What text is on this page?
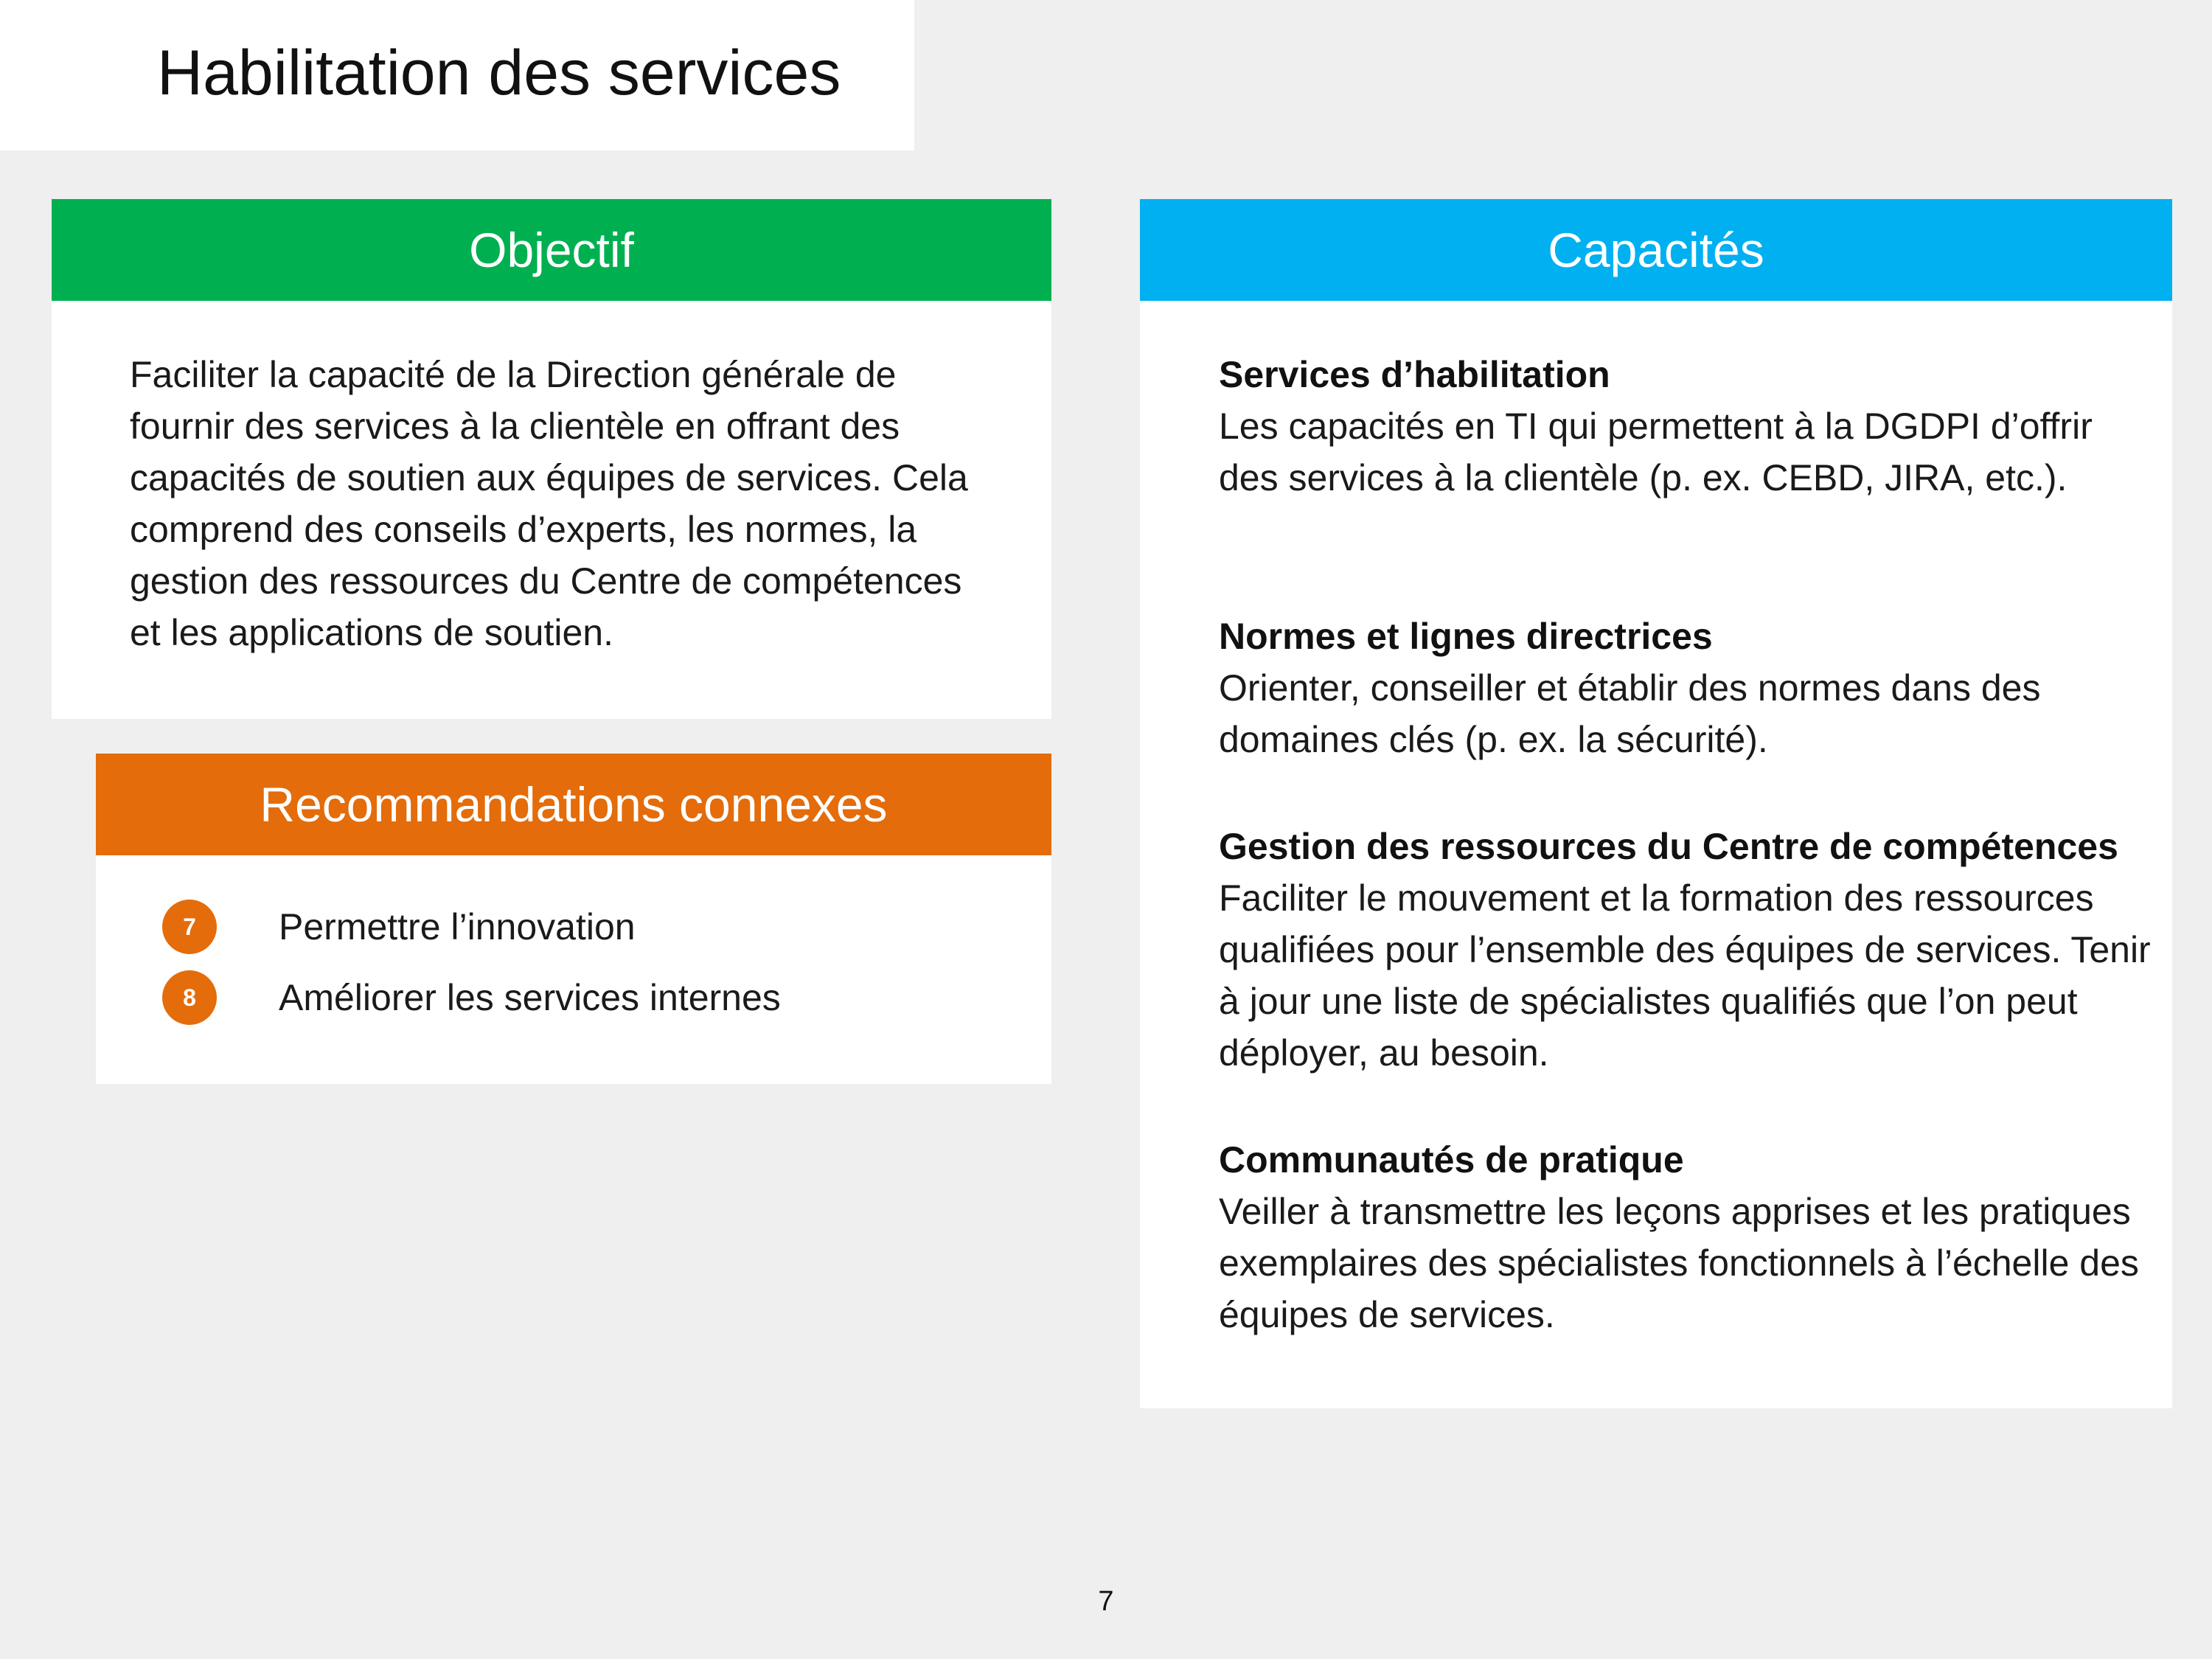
Habilitation des services
Objectif
Faciliter la capacité de la Direction générale de fournir des services à la clientèle en offrant des capacités de soutien aux équipes de services. Cela comprend des conseils d’experts, les normes, la gestion des ressources du Centre de compétences et les applications de soutien.
Recommandations connexes
7	Permettre l’innovation
8	Améliorer les services internes
Capacités
Services d’habilitation
Les capacités en TI qui permettent à la DGDPI d’offrir des services à la clientèle (p. ex. CEBD, JIRA, etc.).
Normes et lignes directrices
Orienter, conseiller et établir des normes dans des domaines clés (p. ex. la sécurité).
Gestion des ressources du Centre de compétences
Faciliter le mouvement et la formation des ressources qualifiées pour l’ensemble des équipes de services. Tenir à jour une liste de spécialistes qualifiés que l’on peut déployer, au besoin.
Communautés de pratique
Veiller à transmettre les leçons apprises et les pratiques exemplaires des spécialistes fonctionnels à l’échelle des équipes de services.
7
